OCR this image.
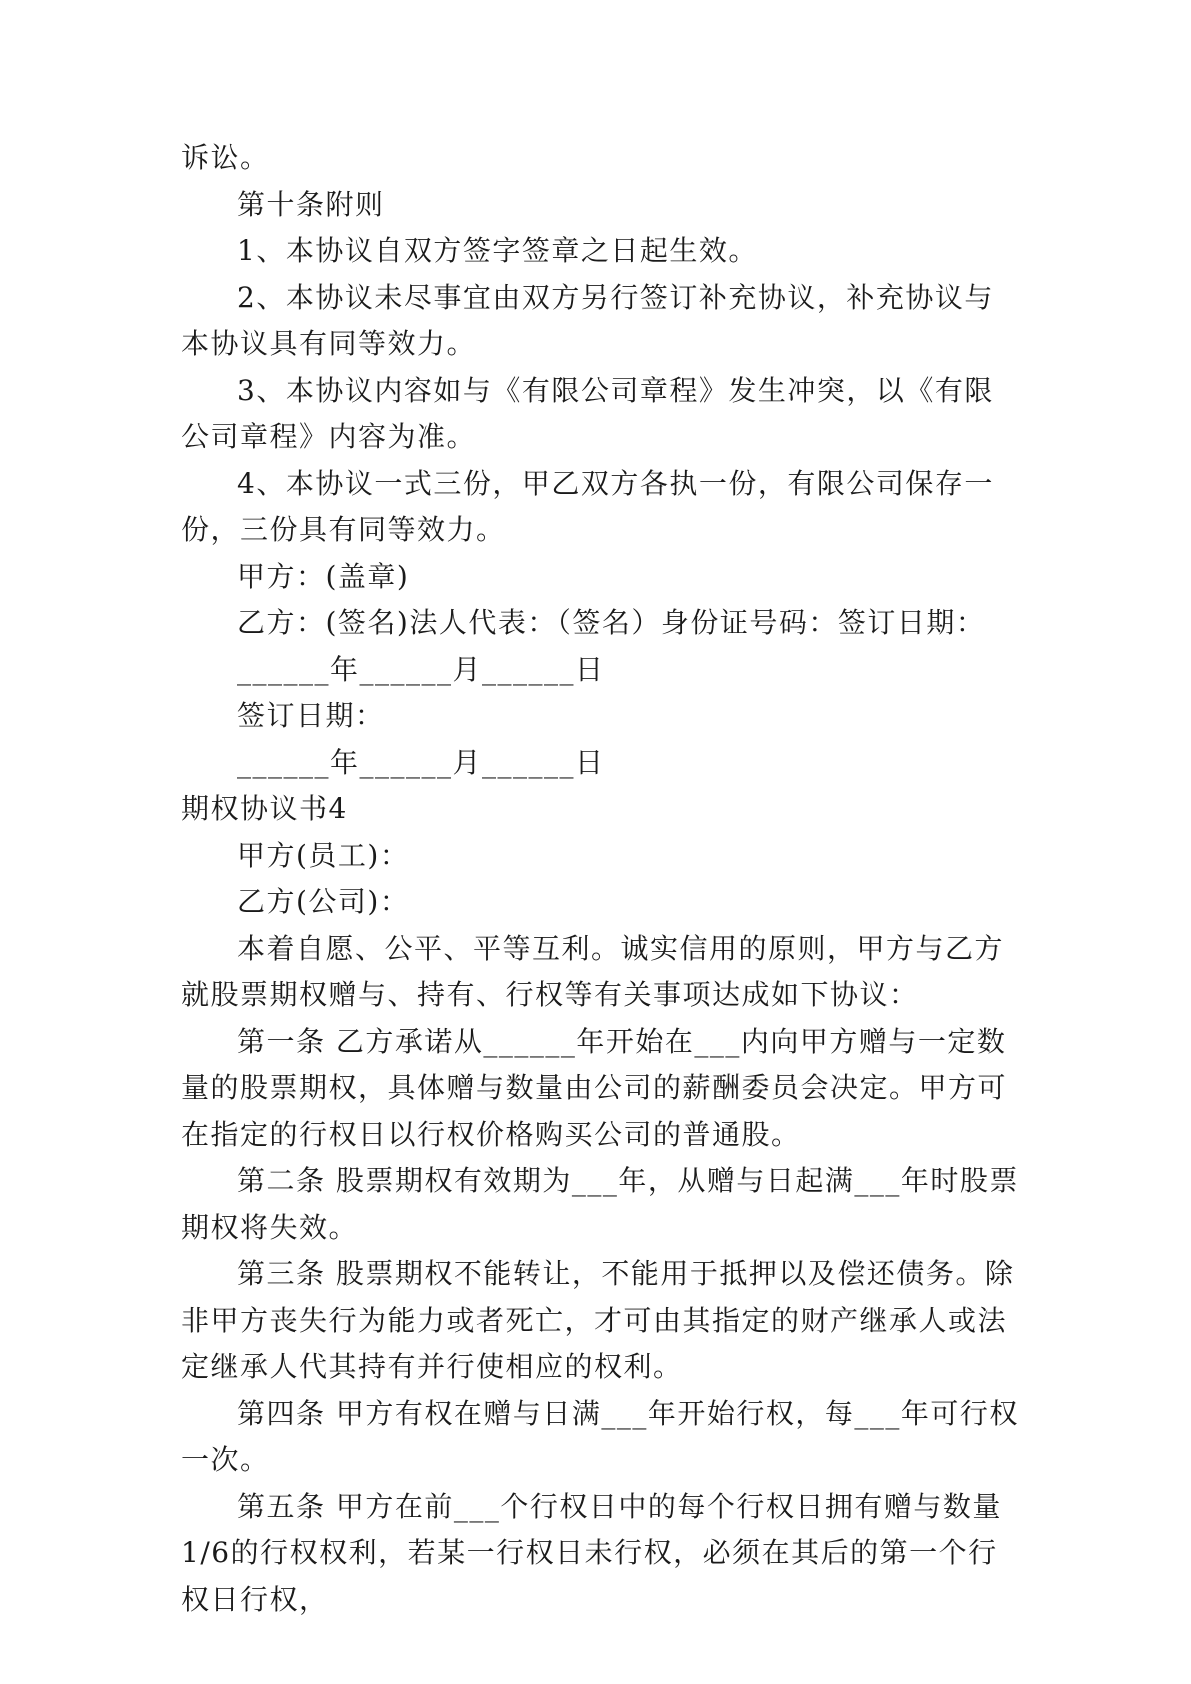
诉讼。

第十条附则

1、本协议自双方签字签章之日起生效。

2、本协议未尽事宜由双方另行签订补充协议，补充协议与本协议具有同等效力。

3、本协议内容如与《有限公司章程》发生冲突，以《有限公司章程》内容为准。

4、本协议一式三份，甲乙双方各执一份，有限公司保存一份，三份具有同等效力。

甲方：(盖章)

乙方：(签名)法人代表：（签名）身份证号码：签订日期：

______年______月______日

签订日期：

______年______月______日

期权协议书4

甲方(员工)：

乙方(公司)：

本着自愿、公平、平等互利。诚实信用的原则，甲方与乙方就股票期权赠与、持有、行权等有关事项达成如下协议：

第一条 乙方承诺从______年开始在___内向甲方赠与一定数量的股票期权，具体赠与数量由公司的薪酬委员会决定。甲方可在指定的行权日以行权价格购买公司的普通股。

第二条 股票期权有效期为___年，从赠与日起满___年时股票期权将失效。

第三条 股票期权不能转让，不能用于抵押以及偿还债务。除非甲方丧失行为能力或者死亡，才可由其指定的财产继承人或法定继承人代其持有并行使相应的权利。

第四条 甲方有权在赠与日满___年开始行权，每___年可行权一次。

第五条 甲方在前___个行权日中的每个行权日拥有赠与数量1/6的行权权利，若某一行权日未行权，必须在其后的第一个行权日行权，
